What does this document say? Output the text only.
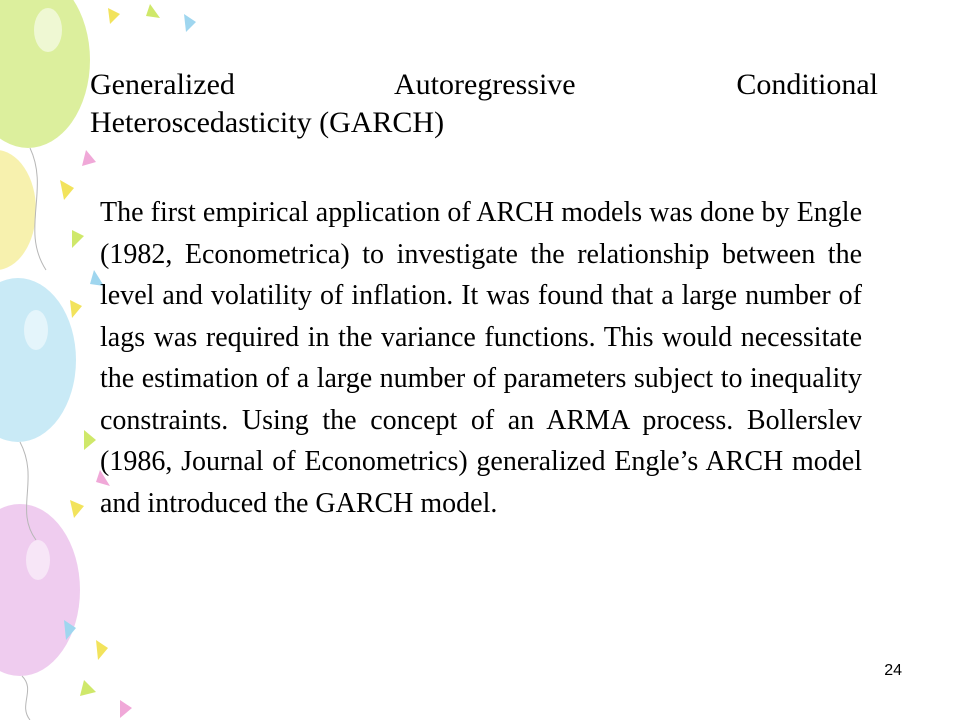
Generalized Autoregressive Conditional
Heteroscedasticity (GARCH)

The first empirical application of ARCH models was done by Engle (1982, Econometrica) to investigate the relationship between the level and volatility of inflation. It was found that a large number of lags was required in the variance functions. This would necessitate the estimation of a large number of parameters subject to inequality constraints. Using the concept of an ARMA process. Bollerslev (1986, Journal of Econometrics) generalized Engle’s ARCH model and introduced the GARCH model.

24
